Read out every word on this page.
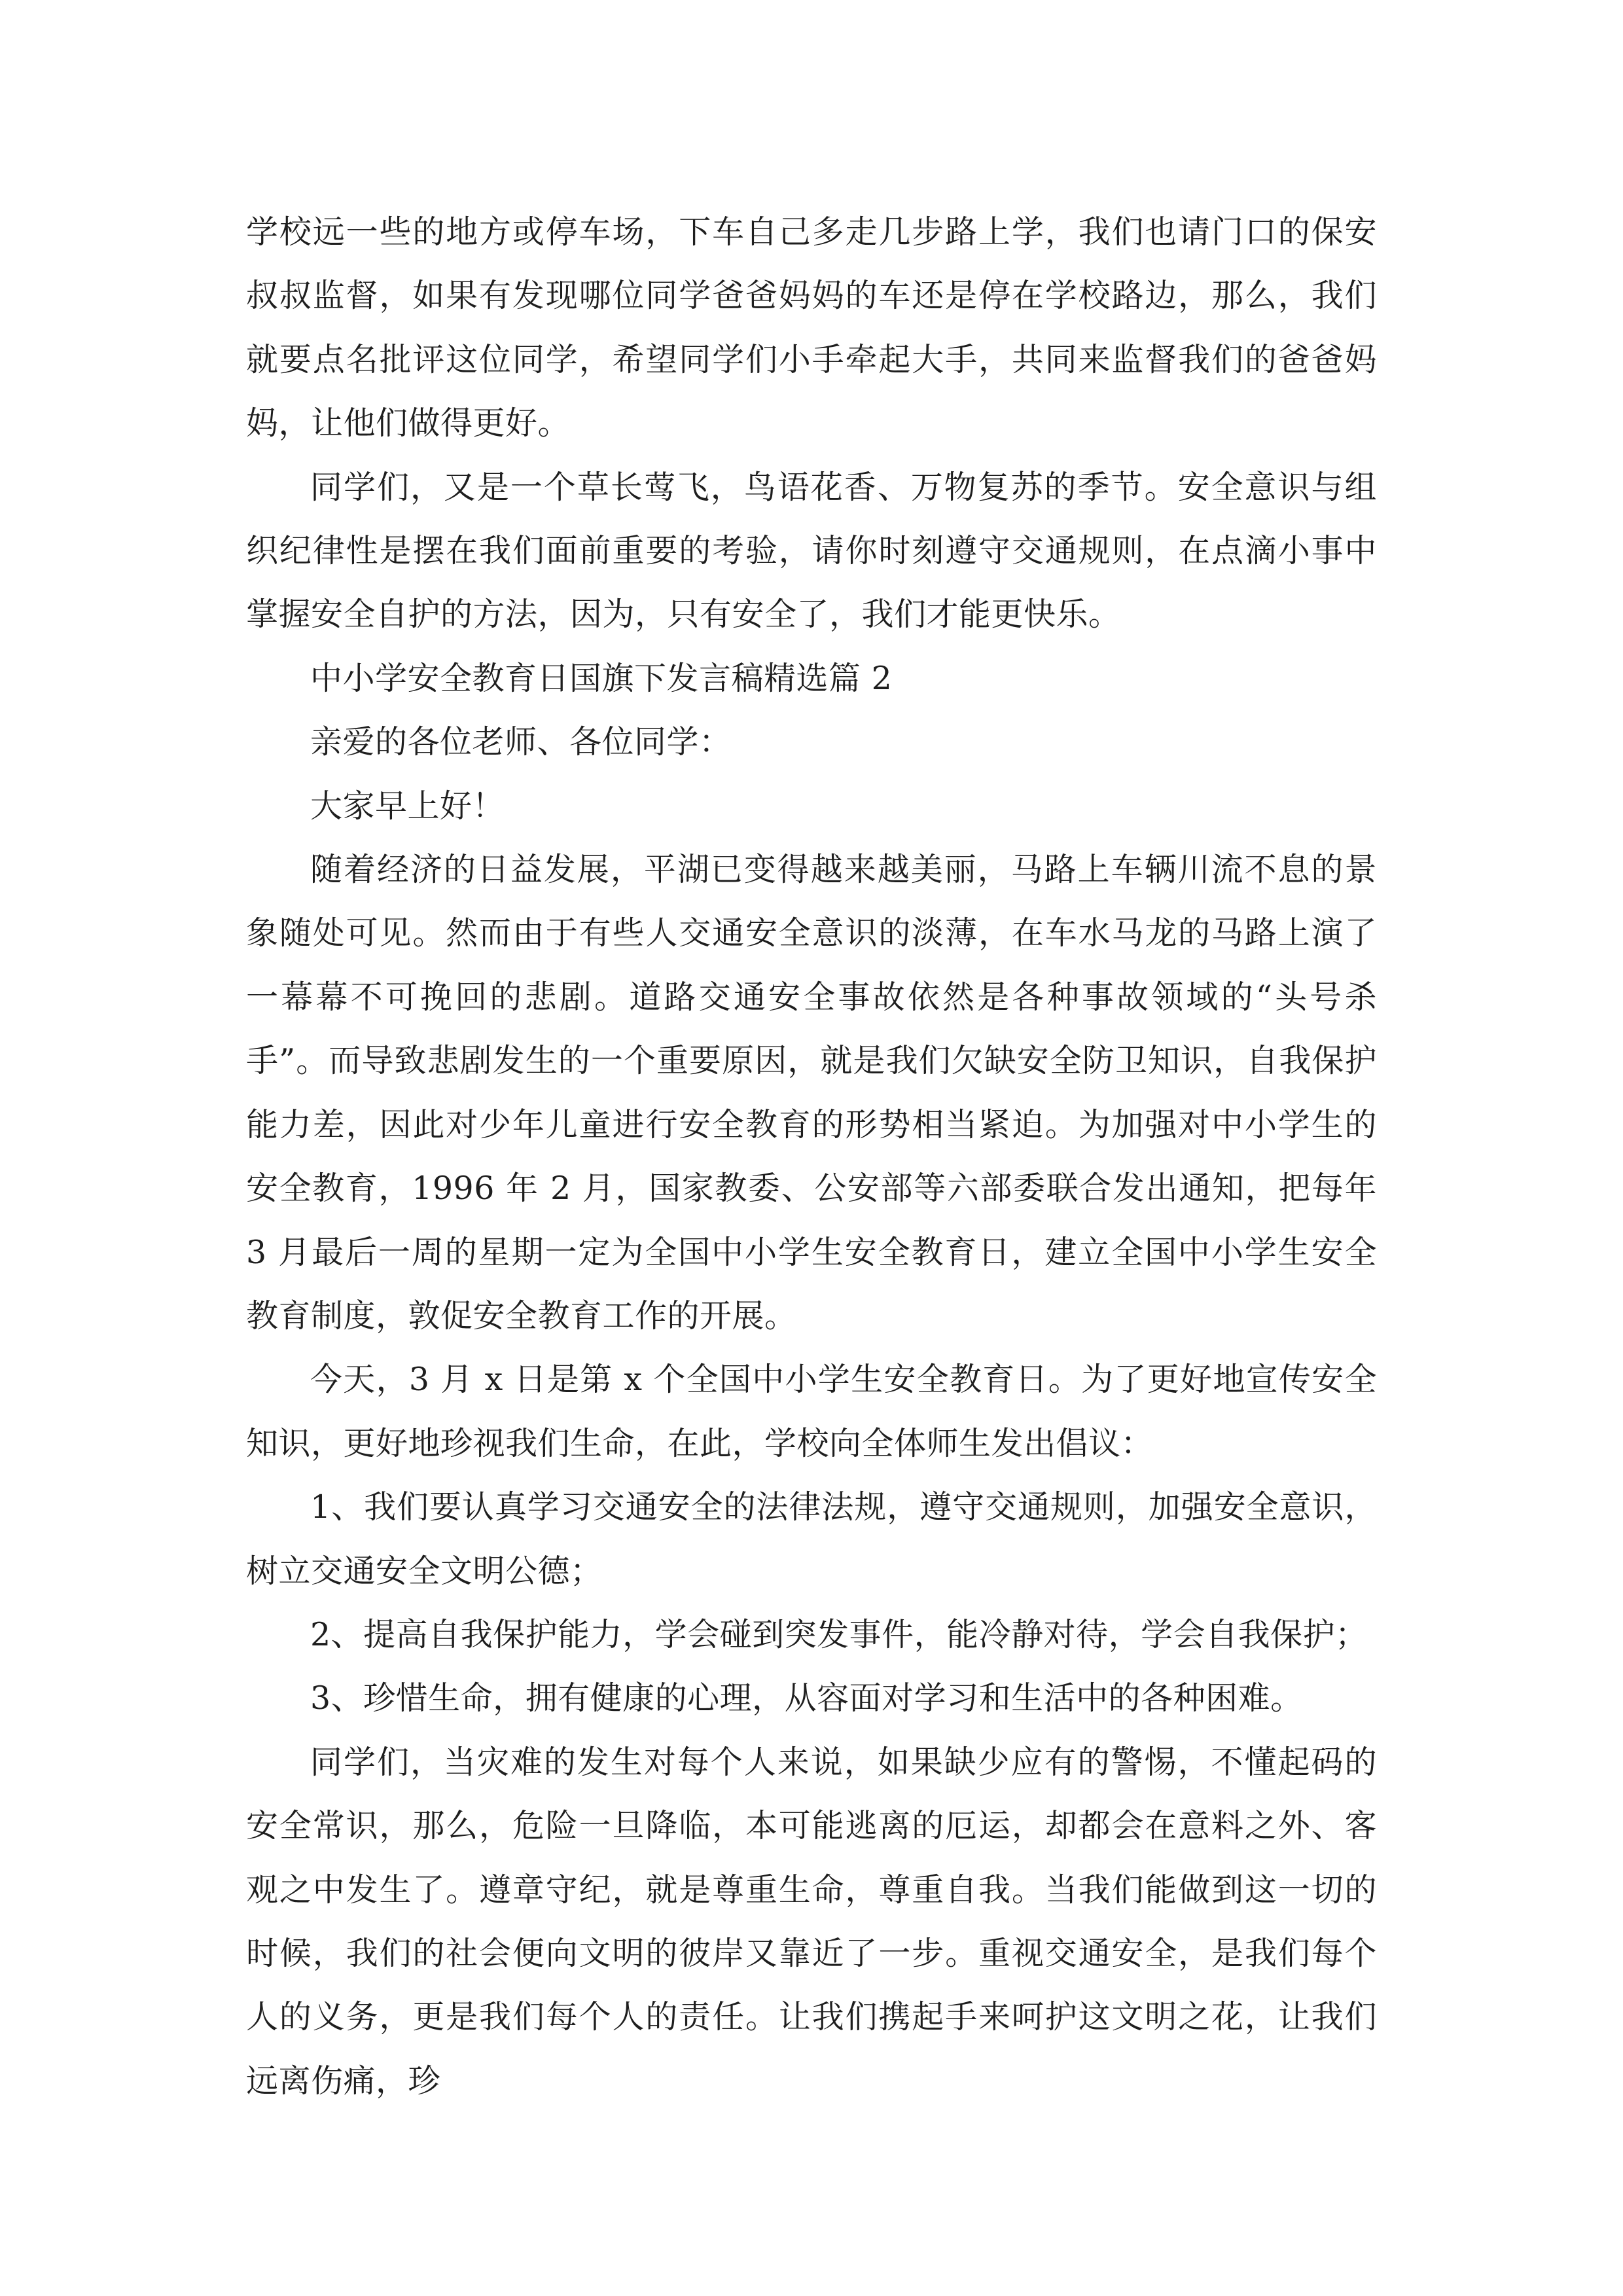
学校远一些的地方或停车场，下车自己多走几步路上学，我们也请门口的保安叔叔监督，如果有发现哪位同学爸爸妈妈的车还是停在学校路边，那么，我们就要点名批评这位同学，希望同学们小手牵起大手，共同来监督我们的爸爸妈妈，让他们做得更好。

同学们，又是一个草长莺飞，鸟语花香、万物复苏的季节。安全意识与组织纪律性是摆在我们面前重要的考验，请你时刻遵守交通规则，在点滴小事中掌握安全自护的方法，因为，只有安全了，我们才能更快乐。

中小学安全教育日国旗下发言稿精选篇 2

亲爱的各位老师、各位同学：

大家早上好！

随着经济的日益发展，平湖已变得越来越美丽，马路上车辆川流不息的景象随处可见。然而由于有些人交通安全意识的淡薄，在车水马龙的马路上演了一幕幕不可挽回的悲剧。道路交通安全事故依然是各种事故领域的“头号杀手”。而导致悲剧发生的一个重要原因，就是我们欠缺安全防卫知识，自我保护能力差，因此对少年儿童进行安全教育的形势相当紧迫。为加强对中小学生的安全教育，1996 年 2 月，国家教委、公安部等六部委联合发出通知，把每年 3 月最后一周的星期一定为全国中小学生安全教育日，建立全国中小学生安全教育制度，敦促安全教育工作的开展。

今天，3 月 x 日是第 x 个全国中小学生安全教育日。为了更好地宣传安全知识，更好地珍视我们生命，在此，学校向全体师生发出倡议：

1、我们要认真学习交通安全的法律法规，遵守交通规则，加强安全意识，树立交通安全文明公德；

2、提高自我保护能力，学会碰到突发事件，能冷静对待，学会自我保护；

3、珍惜生命，拥有健康的心理，从容面对学习和生活中的各种困难。

同学们，当灾难的发生对每个人来说，如果缺少应有的警惕，不懂起码的安全常识，那么，危险一旦降临，本可能逃离的厄运，却都会在意料之外、客观之中发生了。遵章守纪，就是尊重生命，尊重自我。当我们能做到这一切的时候，我们的社会便向文明的彼岸又靠近了一步。重视交通安全，是我们每个人的义务，更是我们每个人的责任。让我们携起手来呵护这文明之花，让我们远离伤痛，珍
